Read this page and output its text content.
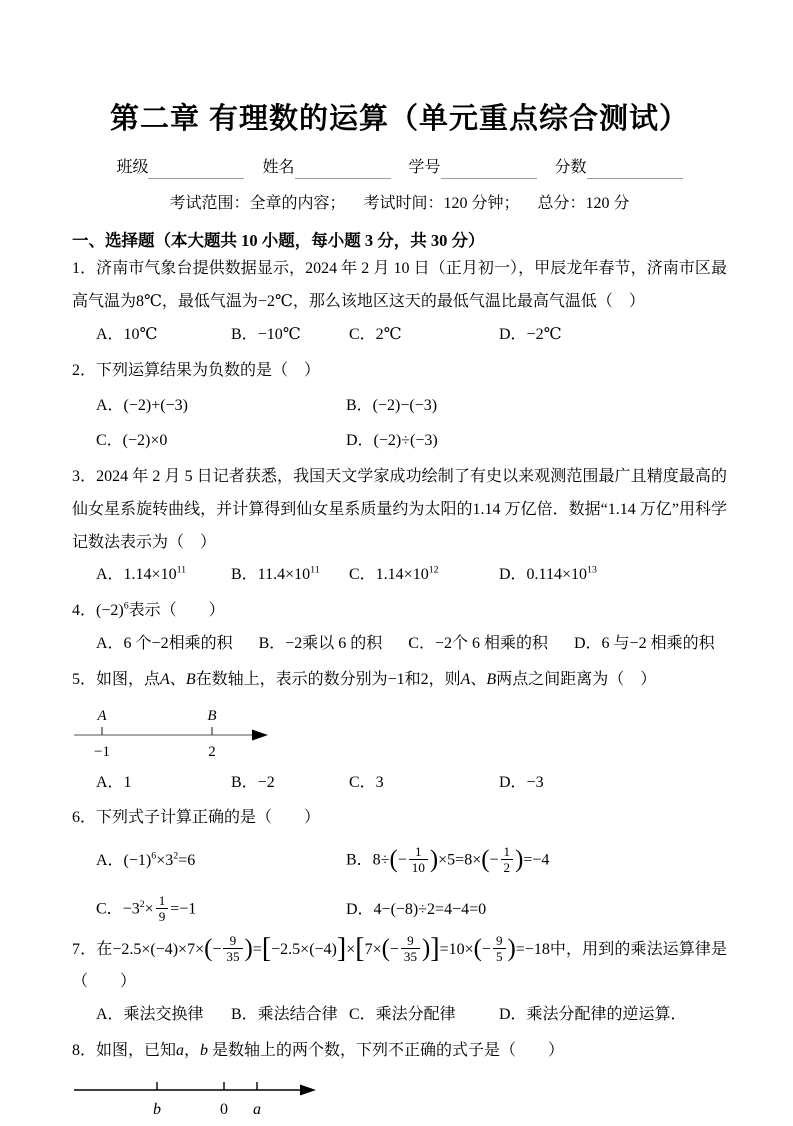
第二章 有理数的运算（单元重点综合测试）
班级	姓名	学号	分数

考试范围：全章的内容； 考试时间：120 分钟； 总分：120 分

一、选择题（本大题共 10 小题，每小题 3 分，共 30 分）

1．济南市气象台提供数据显示，2024 年 2 月 10 日（正月初一），甲辰龙年春节，济南市区最高气温为8℃，最低气温为−2℃，那么该地区这天的最低气温比最高气温低（　）

A．10℃	B．−10℃	C．2℃	D．−2℃

2．下列运算结果为负数的是（　）

A．(−2)+(−3)	B．(−2)−(−3)
C．(−2)×0	D．(−2)÷(−3)

3．2024 年 2 月 5 日记者获悉，我国天文学家成功绘制了有史以来观测范围最广且精度最高的仙女星系旋转曲线，并计算得到仙女星系质量约为太阳的1.14 万亿倍．数据“1.14 万亿”用科学记数法表示为（　）

A．$1.14\times 10^{11}$	B．$11.4\times 10^{11}$	C．$1.14\times 10^{12}$	D．$0.114\times 10^{13}$

4．$(-2)^6$表示（　　）

A．6 个−2相乘的积 B．−2乘以 6 的积 C．−2个 6 相乘的积 D．6 与−2 相乘的积

5．如图，点A、B在数轴上，表示的数分别为−1和2，则A、B两点之间距离为（　）

A	B
−1	2
A．1	B．−2	C．3	D．−3

6．下列式子计算正确的是（　　）

A．$(-1)^6\times 3^2=6$	B．$8\div(- \frac{1}{10} )\times 5=8\times(- \frac{1}{2} )=-4$
C．$-3^2\times \frac{1}{9} =-1$	D．4−(−8)÷2=4−4=0

7．在$-2.5\times(-4)\times 7\times(- \frac{9}{35} )=[-2.5\times(-4)]\times[7\times(- \frac{9}{35} )]=10\times(- \frac{9}{5} )=-18$中，用到的乘法运算律是（　　）

A．乘法交换律	B．乘法结合律 C．乘法分配律	D．乘法分配律的逆运算．

8．如图，已知a，b 是数轴上的两个数，下列不正确的式子是（　　）

b	0 a
